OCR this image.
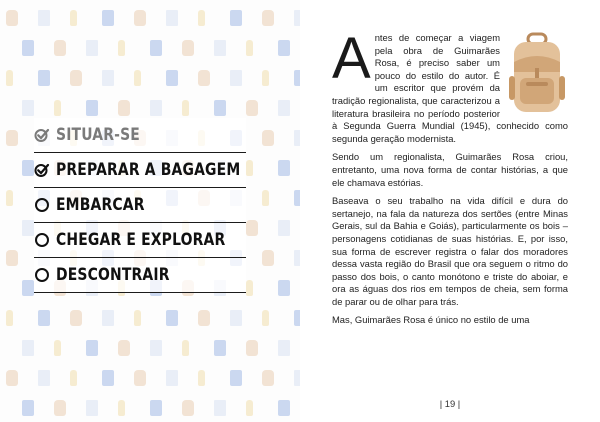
SITUAR-SE
PREPARAR A BAGAGEM
EMBARCAR
CHEGAR E EXPLORAR
DESCONTRAIR
A ntes de começar a viagem pela obra de Guimarães Rosa, é preciso saber um pouco do estilo do autor. É um escritor que provém da tradição regionalista, que caracterizou a literatura brasileira no período posterior à Segunda Guerra Mundial (1945), conhecido como segunda geração modernista.

Sendo um regionalista, Guimarães Rosa criou, entretanto, uma nova forma de contar histórias, a que ele chamava estórias.

Baseava o seu trabalho na vida difícil e dura do sertanejo, na fala da natureza dos sertões (entre Minas Gerais, sul da Bahia e Goiás), particularmente os bois – personagens cotidianas de suas histórias. E, por isso, sua forma de escrever registra o falar dos moradores dessa vasta região do Brasil que ora seguem o ritmo do passo dos bois, o canto monótono e triste do aboiar, e ora as águas dos rios em tempos de cheia, sem forma de parar ou de olhar para trás.

Mas, Guimarães Rosa é único no estilo de uma

| 19 |
